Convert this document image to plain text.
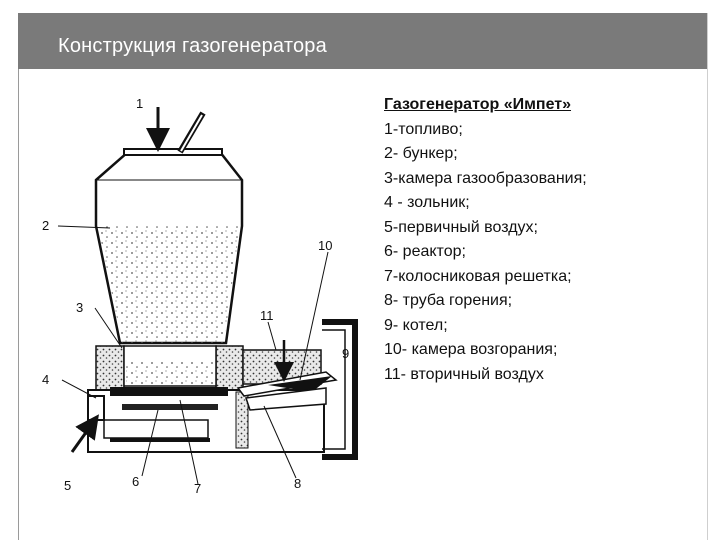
Конструкция газогенератора
1
2
3
4
5	6	7	8
9
10
11
Газогенератор «Импет»
1-топливо;
2- бункер;
3-камера газообразования;
4 - зольник;
5-первичный воздух;
6- реактор;
7-колосниковая решетка;
8- труба горения;
9- котел;
10- камера возгорания;
11- вторичный воздух
